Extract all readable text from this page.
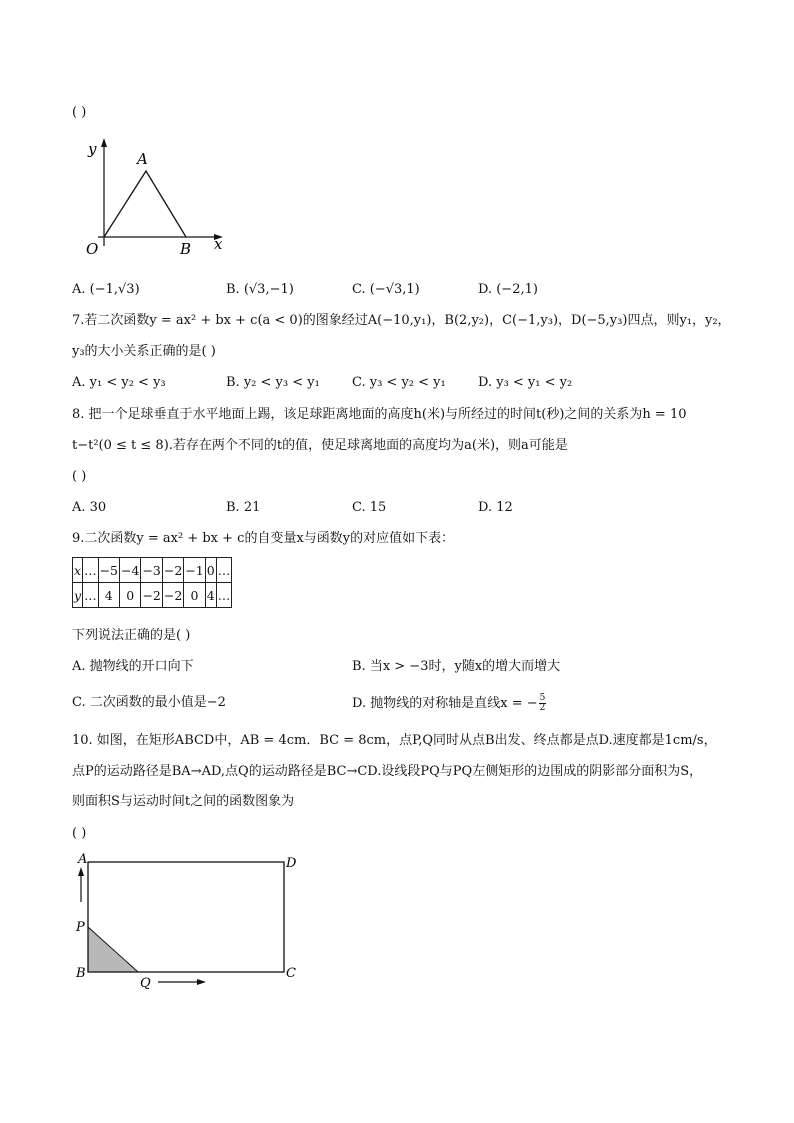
( )
y
A
O	B x
A. (−1,√3)	B. (√3,−1)	C. (−√3,1)	D. (−2,1)
7.若二次函数y = ax² + bx + c(a < 0)的图象经过A(−10,y₁)，B(2,y₂)，C(−1,y₃)，D(−5,y₃)四点，则y₁，y₂，
y₃的大小关系正确的是( )
A. y₁ < y₂ < y₃	B. y₂ < y₃ < y₁ C. y₃ < y₂ < y₁ D. y₃ < y₁ < y₂
8. 把一个足球垂直于水平地面上踢，该足球距离地面的高度h(米)与所经过的时间t(秒)之间的关系为h = 10
t−t²(0 ≤ t ≤ 8).若存在两个不同的t的值，使足球离地面的高度均为a(米)，则a可能是
( )
A. 30	B. 21	C. 15	D. 12
9.二次函数y = ax² + bx + c的自变量x与函数y的对应值如下表：
x	…	−5	−4	−3	−2	−1	0	…
y	…	4	0	−2	−2	0	4	…
下列说法正确的是( )
A. 抛物线的开口向下	B. 当x > −3时，y随x的增大而增大
C. 二次函数的最小值是−2	D. 抛物线的对称轴是直线x = − $\frac{5}{2}$
10. 如图，在矩形ABCD中，AB = 4cm．BC = 8cm，点P,Q同时从点B出发、终点都是点D.速度都是1cm/s，
点P的运动路径是BA→AD,点Q的运动路径是BC→CD.设线段PQ与PQ左侧矩形的边围成的阴影部分面积为S，
则面积S与运动时间t之间的函数图象为
( )
A	D
P
B
Q
C
